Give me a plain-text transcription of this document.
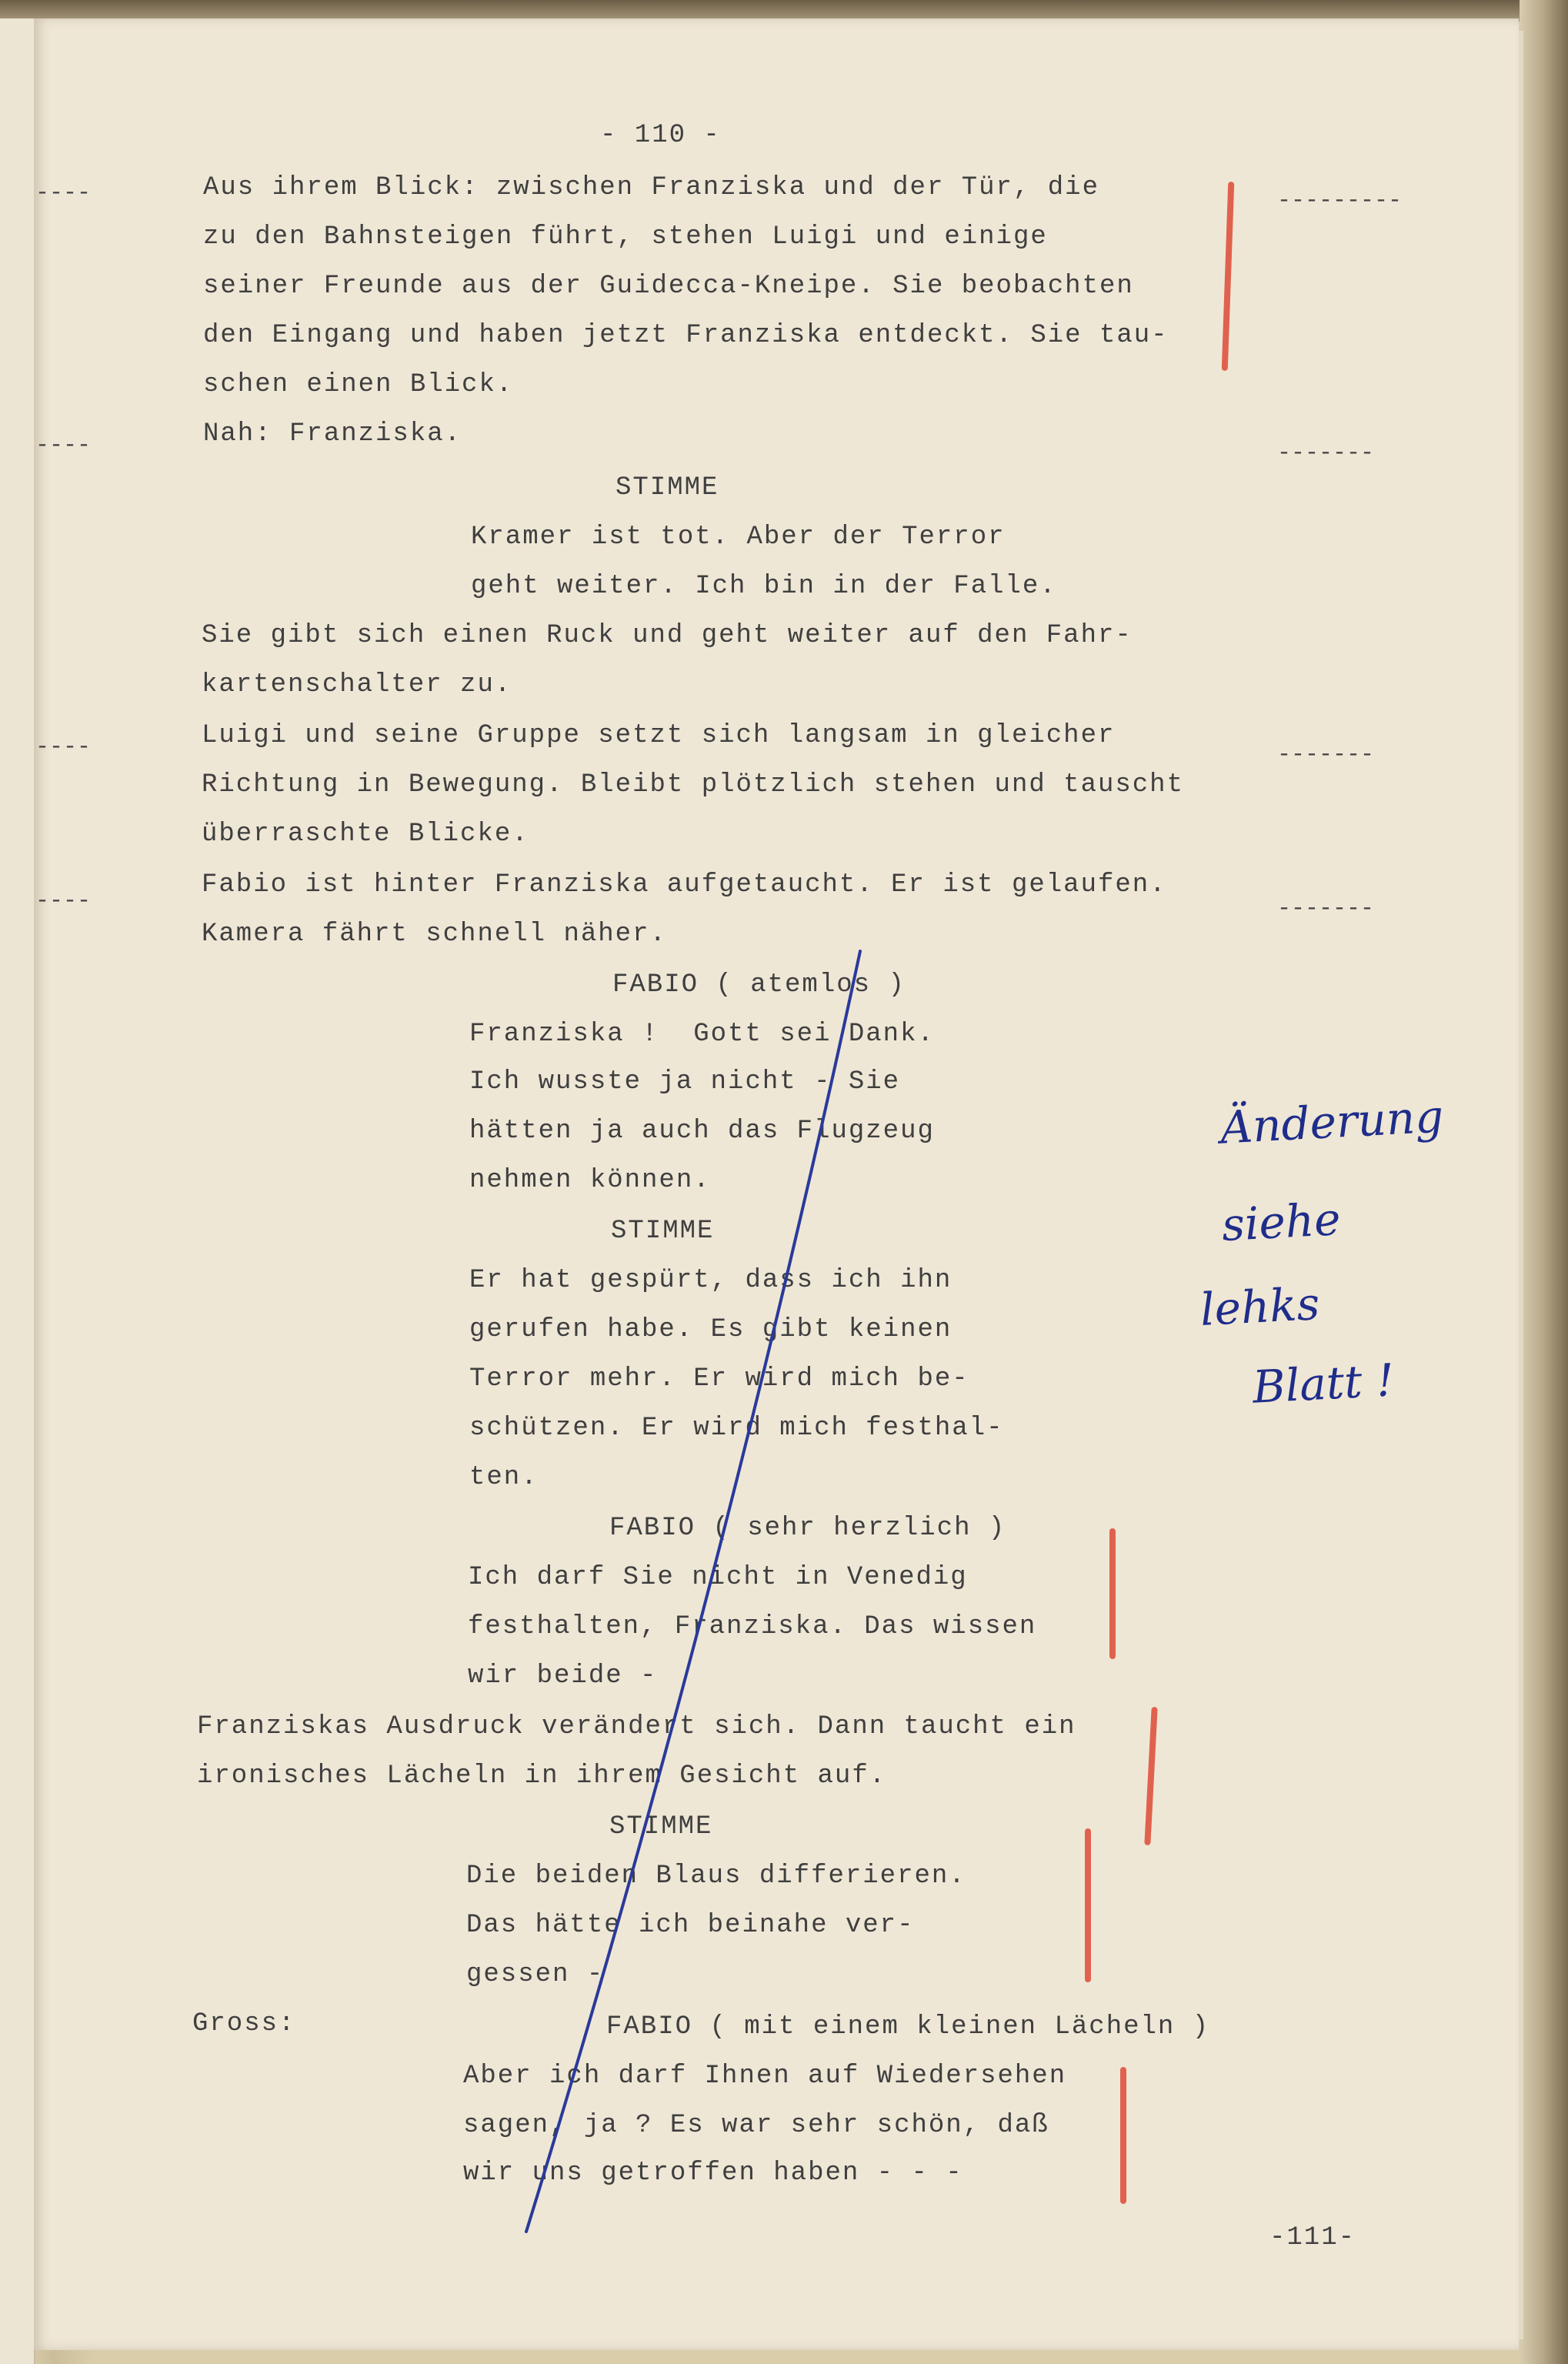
- 110 -

----

----

----

----

---------

-------

-------

-------

Aus ihrem Blick: zwischen Franziska und der Tür, die

zu den Bahnsteigen führt, stehen Luigi und einige

seiner Freunde aus der Guidecca-Kneipe. Sie beobachten

den Eingang und haben jetzt Franziska entdeckt. Sie tau-

schen einen Blick.

Nah: Franziska.

STIMME

Kramer ist tot. Aber der Terror

geht weiter. Ich bin in der Falle.

Sie gibt sich einen Ruck und geht weiter auf den Fahr-

kartenschalter zu.

Luigi und seine Gruppe setzt sich langsam in gleicher

Richtung in Bewegung. Bleibt plötzlich stehen und tauscht

überraschte Blicke.

Fabio ist hinter Franziska aufgetaucht. Er ist gelaufen.

Kamera fährt schnell näher.

FABIO ( atemlos )

Franziska !  Gott sei Dank.

Ich wusste ja nicht - Sie

hätten ja auch das Flugzeug

nehmen können.

STIMME

Er hat gespürt, dass ich ihn

gerufen habe. Es gibt keinen

Terror mehr. Er wird mich be-

schützen. Er wird mich festhal-

ten.

FABIO ( sehr herzlich )

Ich darf Sie nicht in Venedig

festhalten, Franziska. Das wissen

wir beide -

Franziskas Ausdruck verändert sich. Dann taucht ein

ironisches Lächeln in ihrem Gesicht auf.

STIMME

Die beiden Blaus differieren.

Das hätte ich beinahe ver-

gessen -

Gross:	FABIO ( mit einem kleinen Lächeln )

Aber ich darf Ihnen auf Wiedersehen

sagen, ja ? Es war sehr schön, daß

wir uns getroffen haben - - -

-111-

Änderung

siehe

lehks

Blatt !
